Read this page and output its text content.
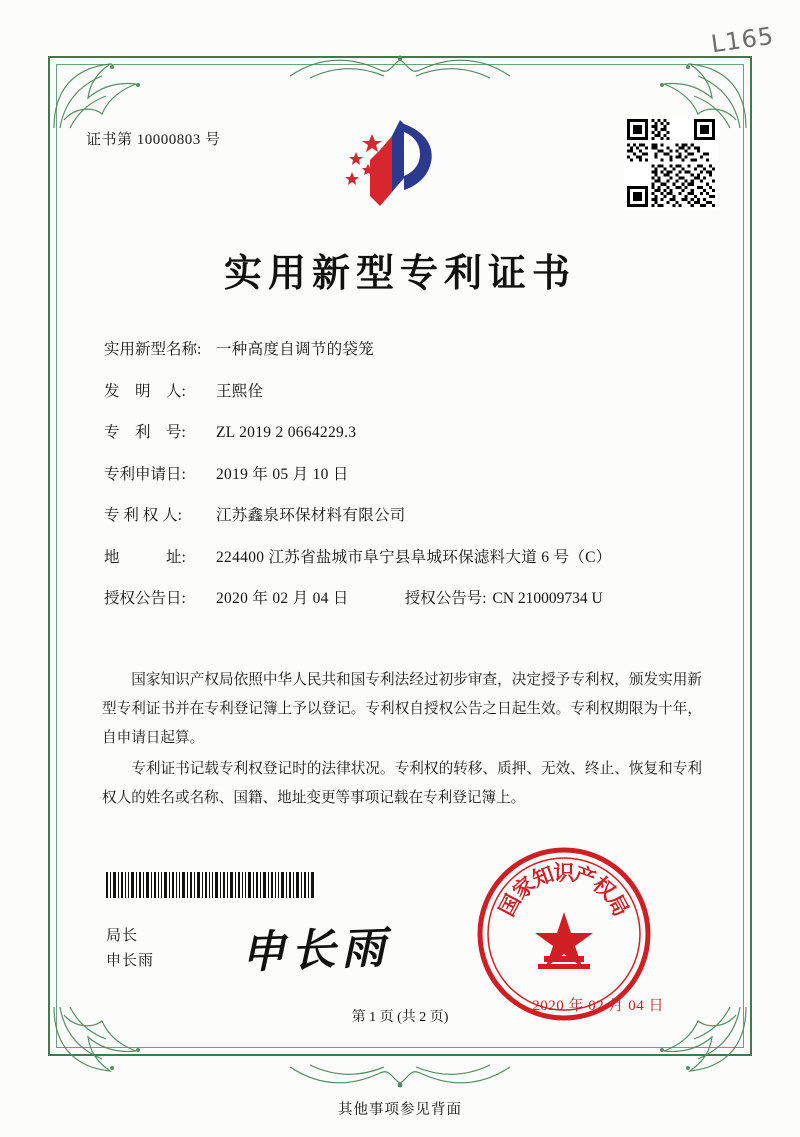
L165
证书第 10000803 号
实用新型专利证书
实用新型名称: 一种高度自调节的袋笼
发　明　人: 王熙佺
专　利　号: ZL 2019 2 0664229.3
专利申请日: 2019 年 05 月 10 日
专 利 权 人: 江苏鑫泉环保材料有限公司
地　　　址: 224400 江苏省盐城市阜宁县阜城环保滤料大道 6 号（C）
授权公告日: 2020 年 02 月 04 日	授权公告号: CN 210009734 U

国家知识产权局依照中华人民共和国专利法经过初步审查，决定授予专利权，颁发实用新型专利证书并在专利登记簿上予以登记。专利权自授权公告之日起生效。专利权期限为十年，自申请日起算。

专利证书记载专利权登记时的法律状况。专利权的转移、质押、无效、终止、恢复和专利权人的姓名或名称、国籍、地址变更等事项记载在专利登记簿上。

局长
申长雨 申长雨
国
家
知
识
产
权
局
2020 年 02 月 04 日
第 1 页 (共 2 页)
其他事项参见背面
